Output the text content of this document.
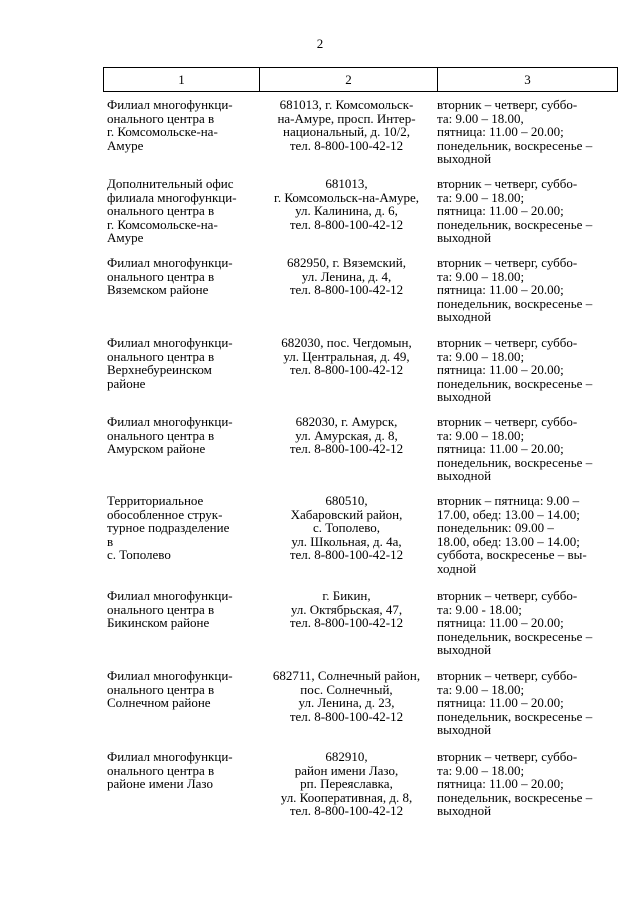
2
1	2	3
Филиал многофункци-
онального центра в
г. Комсомольске-на-
Амуре
681013, г. Комсомольск-
на-Амуре, просп. Интер-
национальный, д. 10/2,
тел. 8-800-100-42-12
вторник – четверг, суббо-
та: 9.00 – 18.00,
пятница: 11.00 – 20.00;
понедельник, воскресенье –
выходной
Дополнительный офис
филиала многофункци-
онального центра в
г. Комсомольске-на-
Амуре
681013,
г. Комсомольск-на-Амуре,
ул. Калинина, д. 6,
тел. 8-800-100-42-12
вторник – четверг, суббо-
та: 9.00 – 18.00;
пятница: 11.00 – 20.00;
понедельник, воскресенье –
выходной
Филиал многофункци-
онального центра в
Вяземском районе
682950, г. Вяземский,
ул. Ленина, д. 4,
тел. 8-800-100-42-12
вторник – четверг, суббо-
та: 9.00 – 18.00;
пятница: 11.00 – 20.00;
понедельник, воскресенье –
выходной
Филиал многофункци-
онального центра в
Верхнебуреинском
районе
682030, пос. Чегдомын,
ул. Центральная, д. 49,
тел. 8-800-100-42-12
вторник – четверг, суббо-
та: 9.00 – 18.00;
пятница: 11.00 – 20.00;
понедельник, воскресенье –
выходной
Филиал многофункци-
онального центра в
Амурском районе
682030, г. Амурск,
ул. Амурская, д. 8,
тел. 8-800-100-42-12
вторник – четверг, суббо-
та: 9.00 – 18.00;
пятница: 11.00 – 20.00;
понедельник, воскресенье –
выходной
Территориальное
обособленное струк-
турное подразделение
в
с. Тополево
680510,
Хабаровский район,
с. Тополево,
ул. Школьная, д. 4а,
тел. 8-800-100-42-12
вторник – пятница: 9.00 –
17.00, обед: 13.00 – 14.00;
понедельник: 09.00 –
18.00, обед: 13.00 – 14.00;
суббота, воскресенье – вы-
ходной
Филиал многофункци-
онального центра в
Бикинском районе
г. Бикин,
ул. Октябрьская, 47,
тел. 8-800-100-42-12
вторник – четверг, суббо-
та: 9.00 - 18.00;
пятница: 11.00 – 20.00;
понедельник, воскресенье –
выходной
Филиал многофункци-
онального центра в
Солнечном районе
682711, Солнечный район,
пос. Солнечный,
ул. Ленина, д. 23,
тел. 8-800-100-42-12
вторник – четверг, суббо-
та: 9.00 – 18.00;
пятница: 11.00 – 20.00;
понедельник, воскресенье –
выходной
Филиал многофункци-
онального центра в
районе имени Лазо
682910,
район имени Лазо,
рп. Переяславка,
ул. Кооперативная, д. 8,
тел. 8-800-100-42-12
вторник – четверг, суббо-
та: 9.00 – 18.00;
пятница: 11.00 – 20.00;
понедельник, воскресенье –
выходной
